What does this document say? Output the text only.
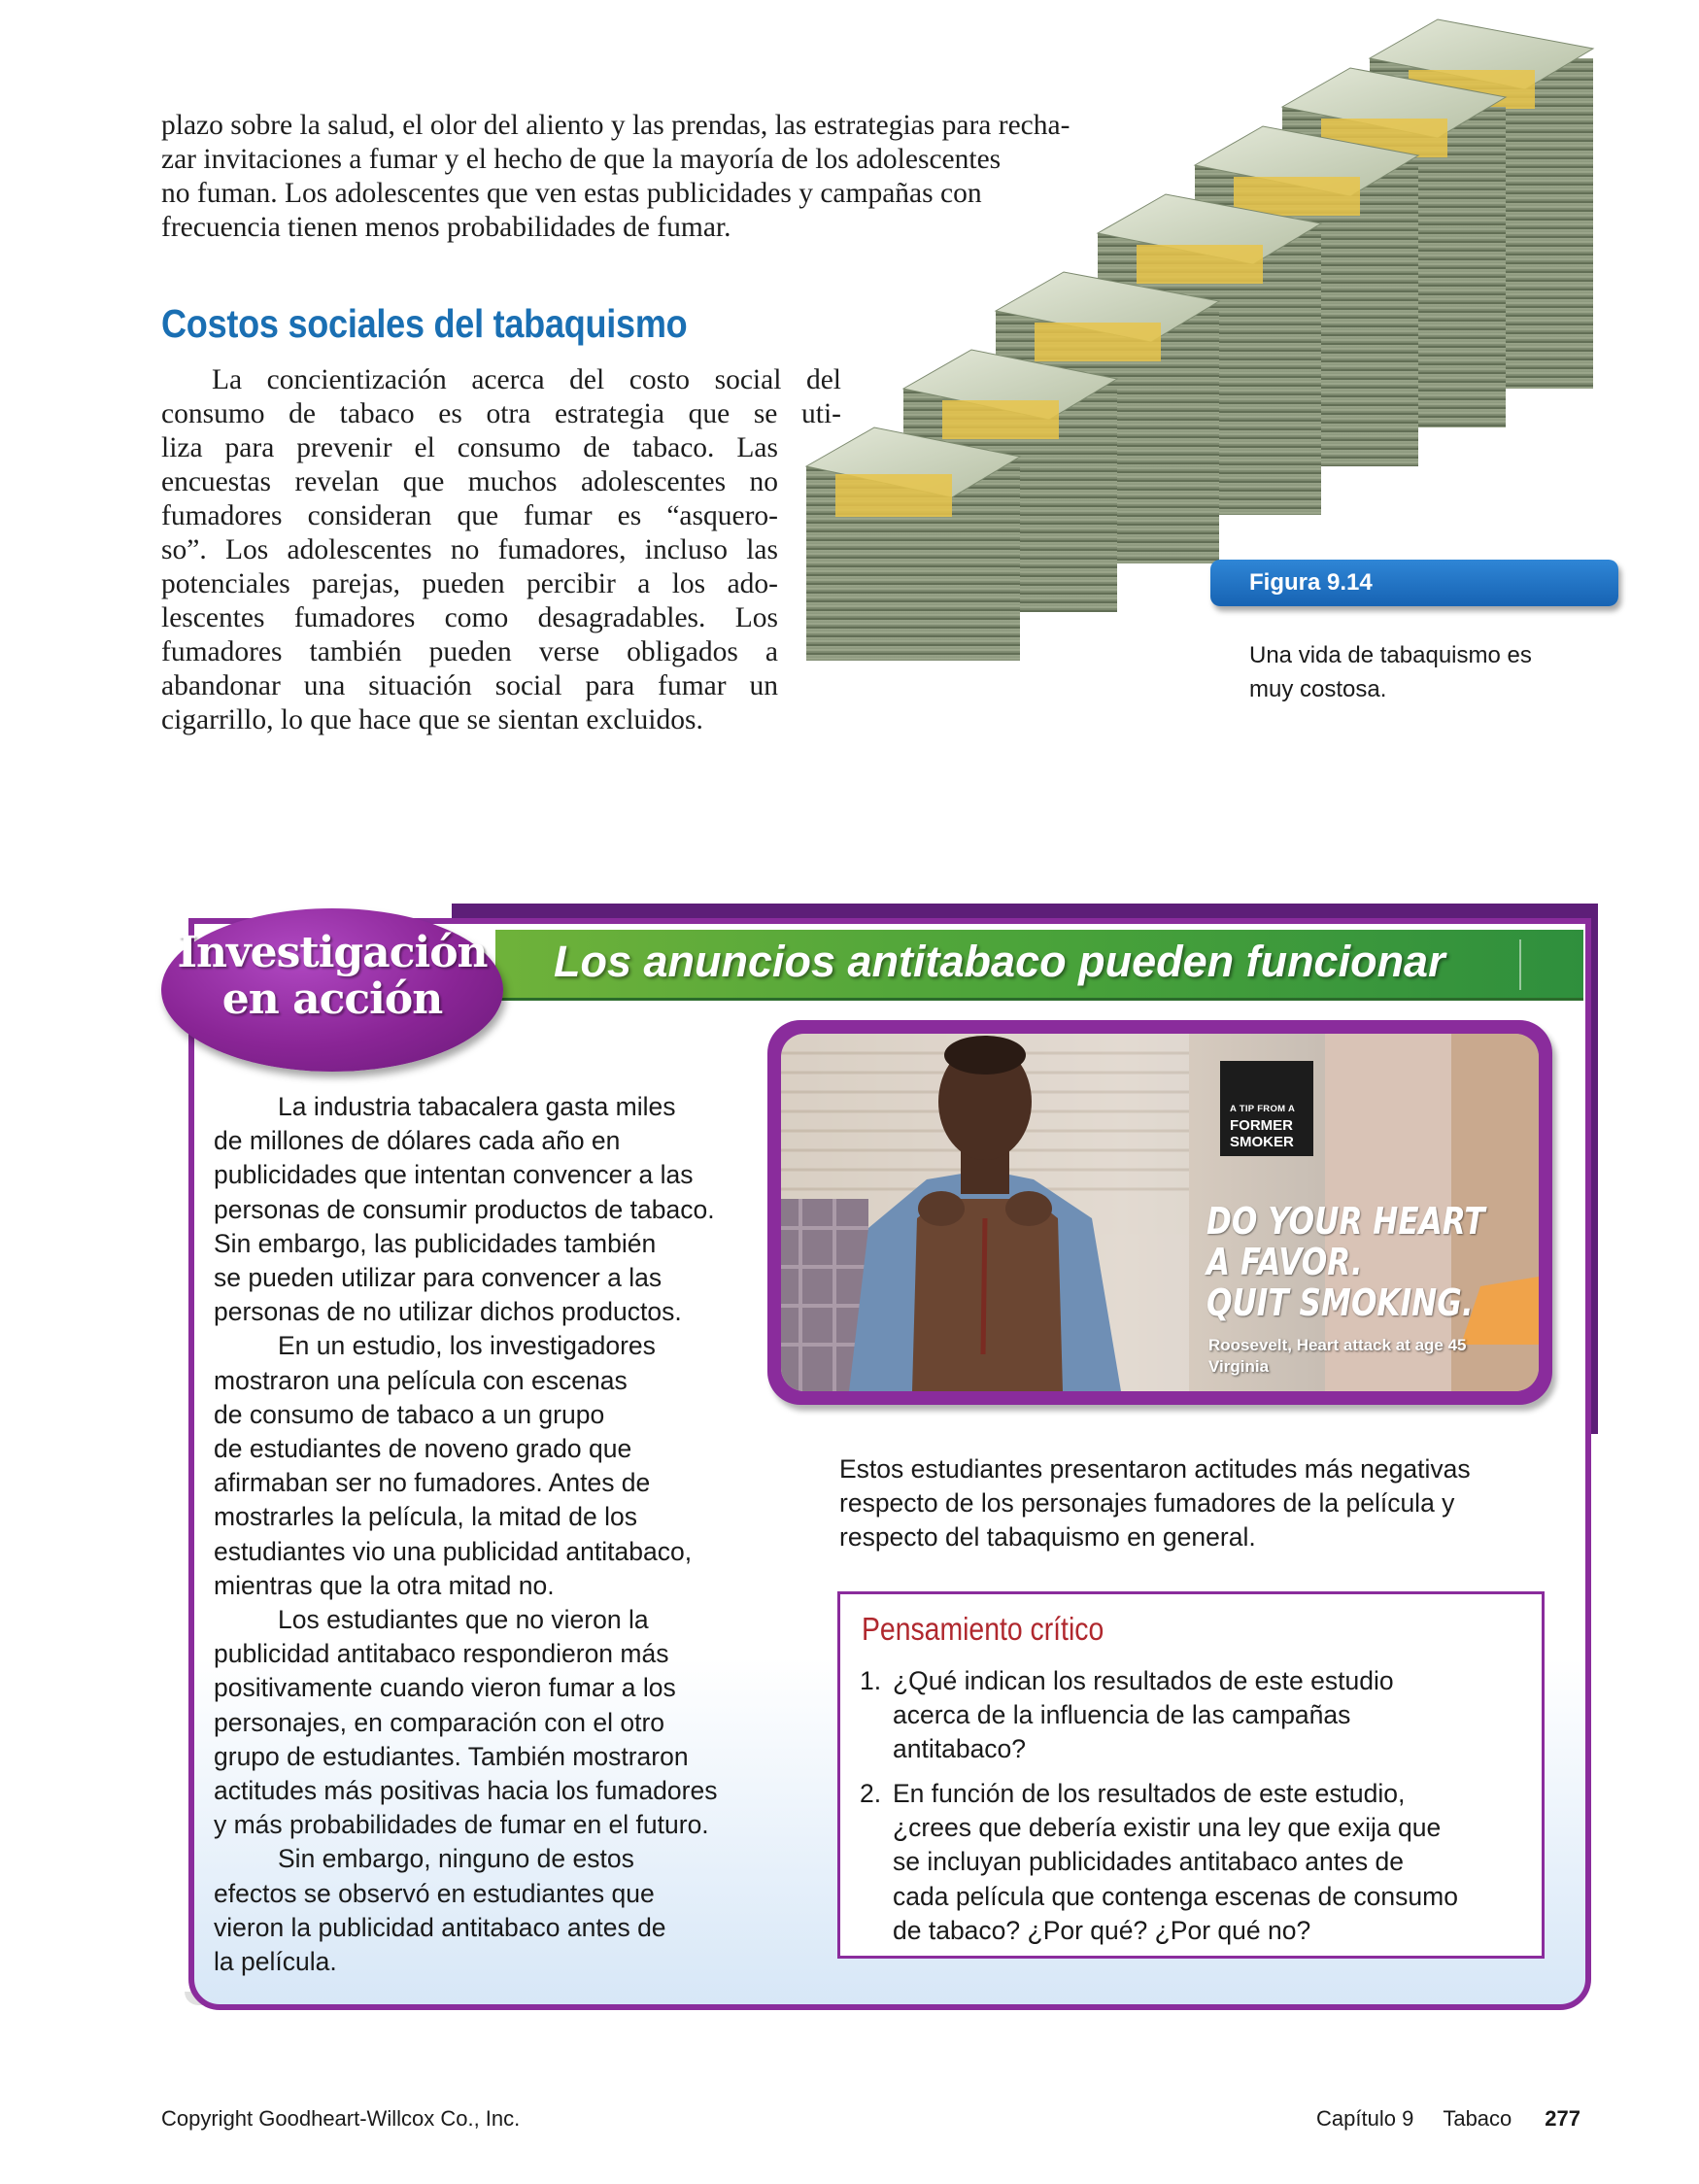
plazo sobre la salud, el olor del aliento y las prendas, las estrategias para recha-
zar invitaciones a fumar y el hecho de que la mayoría de los adolescentes
no fuman. Los adolescentes que ven estas publicidades y campañas con
frecuencia tienen menos probabilidades de fumar.

Costos sociales del tabaquismo

La concientización acerca del costo social del
consumo de tabaco es otra estrategia que se uti-
liza para prevenir el consumo de tabaco. Las
encuestas revelan que muchos adolescentes no
fumadores consideran que fumar es “asquero-
so”. Los adolescentes no fumadores, incluso las
potenciales parejas, pueden percibir a los ado-
lescentes fumadores como desagradables. Los
fumadores también pueden verse obligados a
abandonar una situación social para fumar un
cigarrillo, lo que hace que se sientan excluidos.

Figura 9.14
Una vida de tabaquismo es
muy costosa.
Los anuncios antitabaco pueden funcionar
Investigación
en acción
La industria tabacalera gasta miles
de millones de dólares cada año en
publicidades que intentan convencer a las
personas de consumir productos de tabaco.
Sin embargo, las publicidades también
se pueden utilizar para convencer a las
personas de no utilizar dichos productos.
En un estudio, los investigadores
mostraron una película con escenas
de consumo de tabaco a un grupo
de estudiantes de noveno grado que
afirmaban ser no fumadores. Antes de
mostrarles la película, la mitad de los
estudiantes vio una publicidad antitabaco,
mientras que la otra mitad no.
Los estudiantes que no vieron la
publicidad antitabaco respondieron más
positivamente cuando vieron fumar a los
personajes, en comparación con el otro
grupo de estudiantes. También mostraron
actitudes más positivas hacia los fumadores
y más probabilidades de fumar en el futuro.
Sin embargo, ninguno de estos
efectos se observó en estudiantes que
vieron la publicidad antitabaco antes de
la película.
A TIP FROM A
FORMER SMOKER
DO YOUR HEART
A FAVOR.
QUIT SMOKING.
Roosevelt, Heart attack at age 45
Virginia
Estos estudiantes presentaron actitudes más negativas
respecto de los personajes fumadores de la película y
respecto del tabaquismo en general.
Pensamiento crítico
1. ¿Qué indican los resultados de este estudio
acerca de la influencia de las campañas
antitabaco?
2. En función de los resultados de este estudio,
¿crees que debería existir una ley que exija que
se incluyan publicidades antitabaco antes de
cada película que contenga escenas de consumo
de tabaco? ¿Por qué? ¿Por qué no?
Copyright Goodheart-Willcox Co., Inc.	Capítulo 9 Tabaco 277
